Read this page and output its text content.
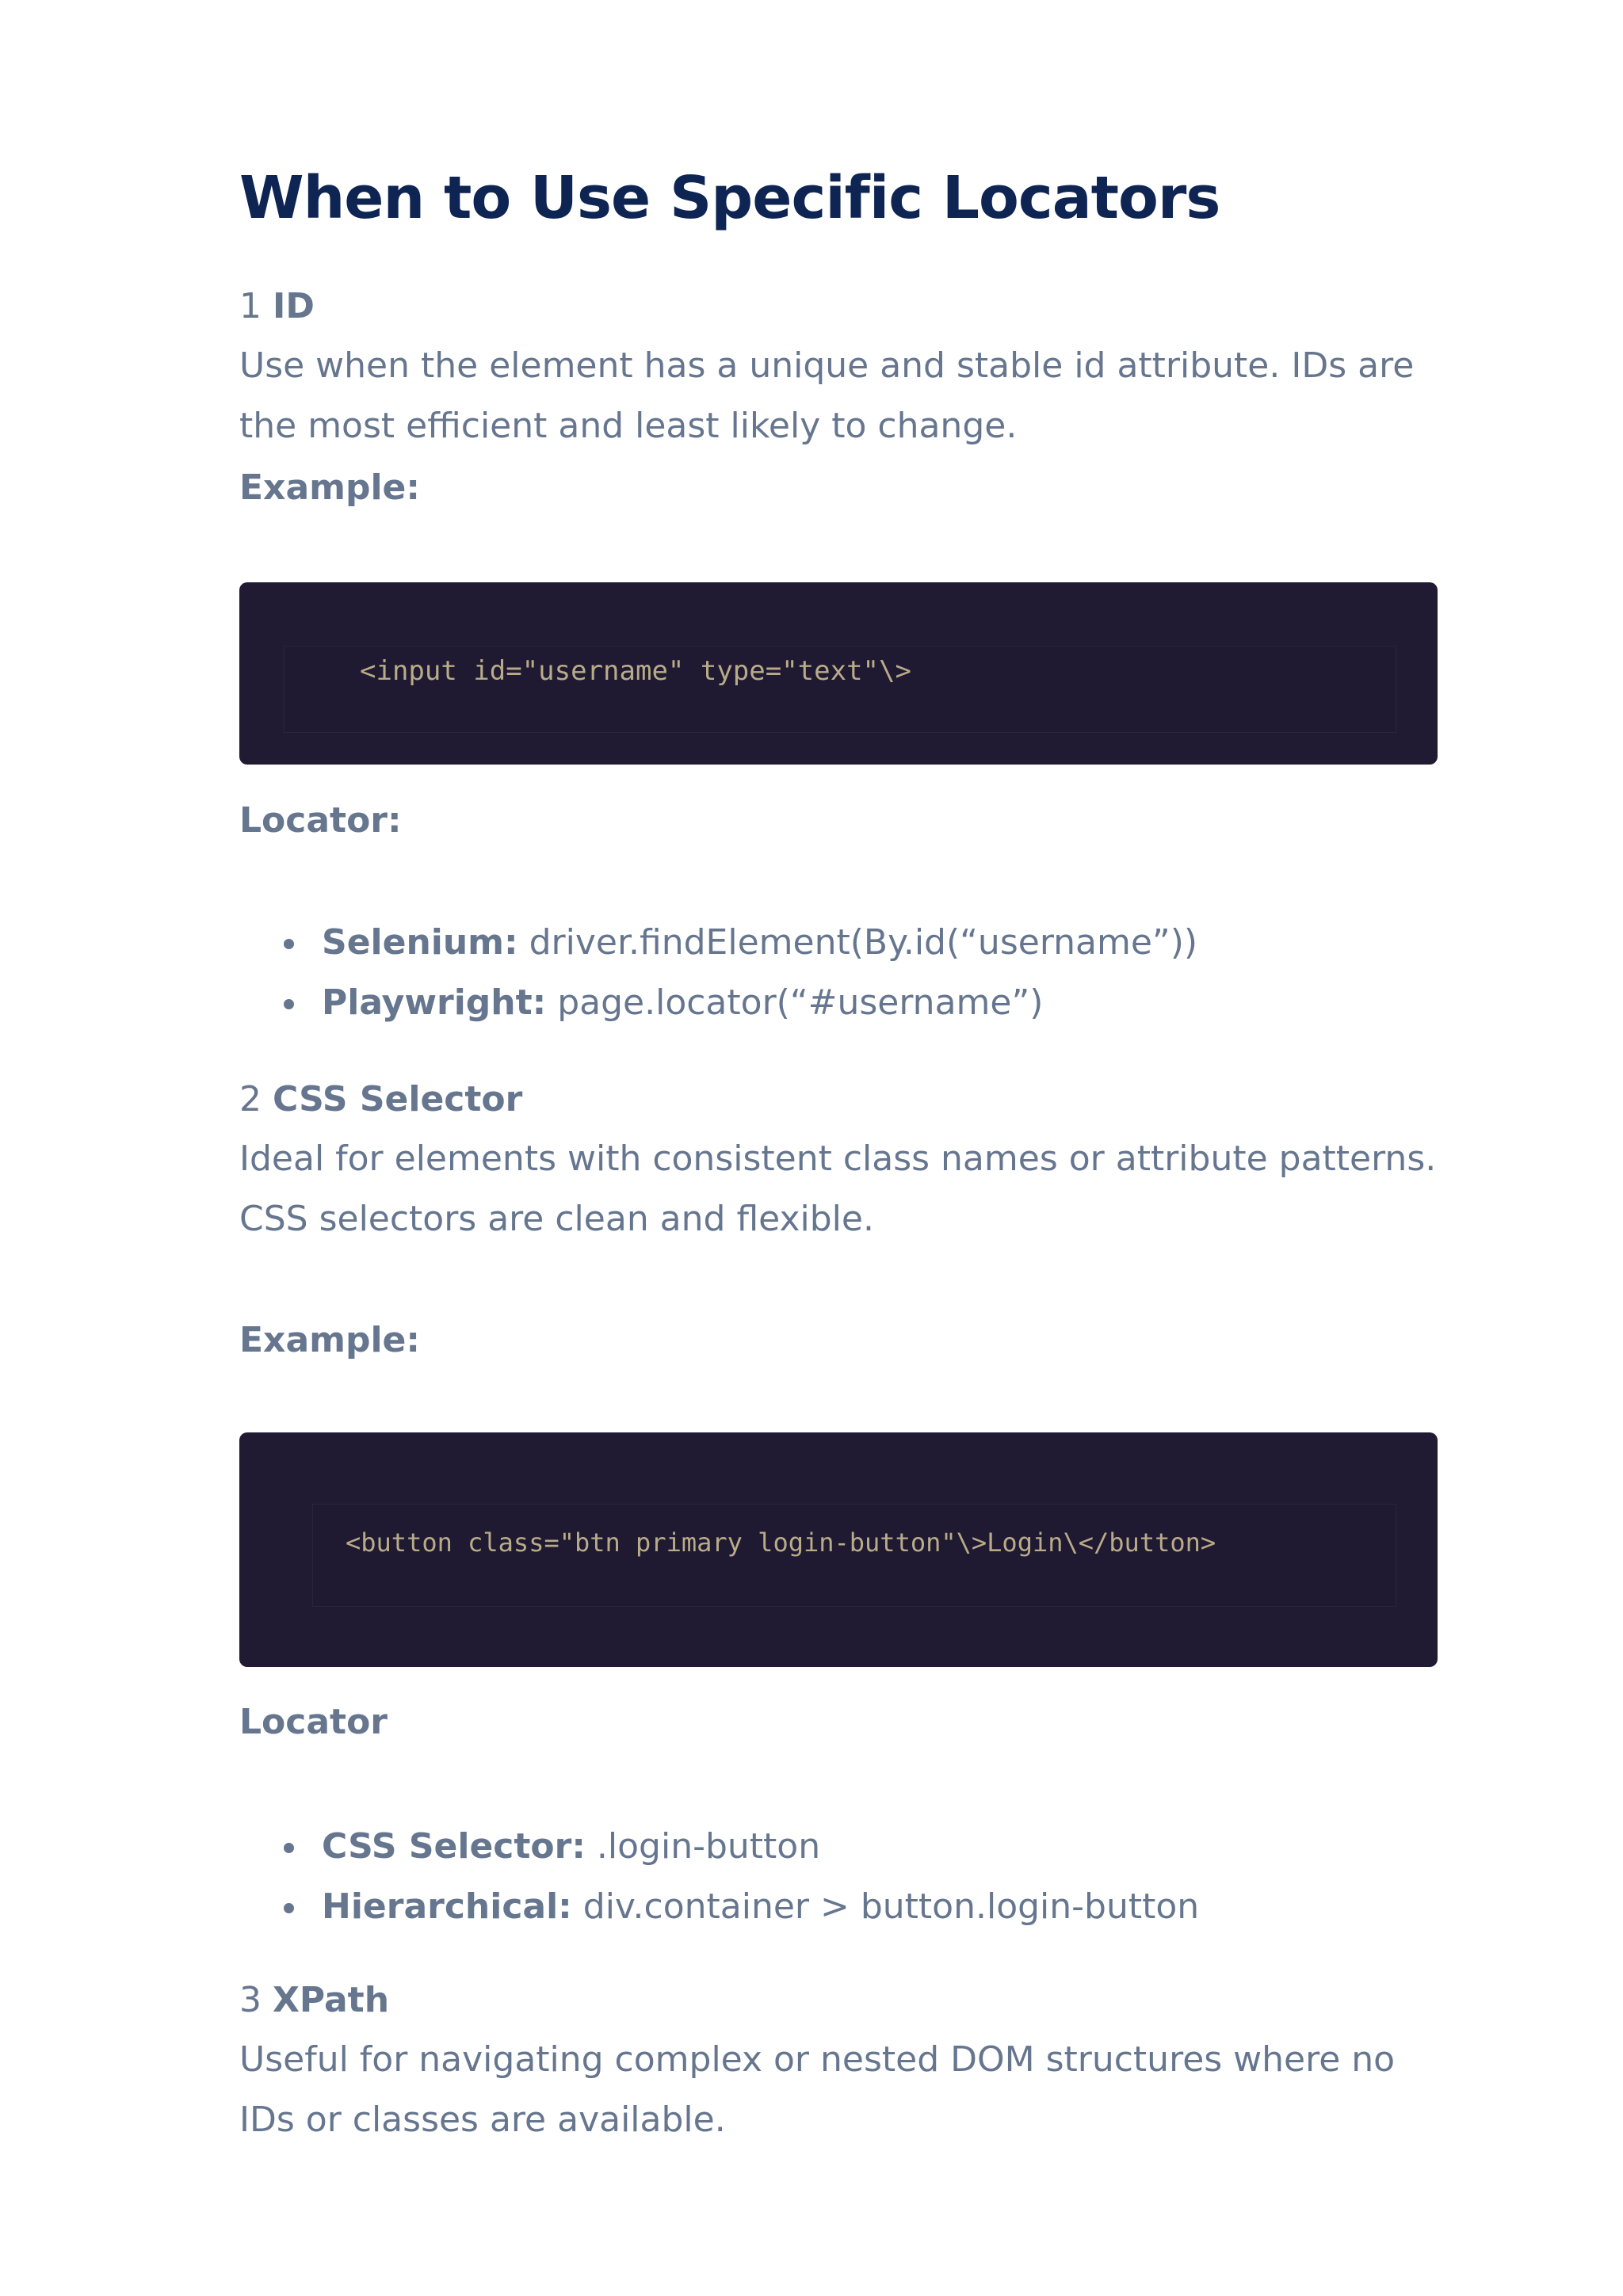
When to Use Specific Locators
1 ID

Use when the element has a unique and stable id attribute. IDs are the most efficient and least likely to change.

Example:
<input id="username" type="text"\>
Locator:
Selenium: driver.findElement(By.id(“username”))
Playwright: page.locator(“#username”)
2 CSS Selector

Ideal for elements with consistent class names or attribute patterns. CSS selectors are clean and flexible.

Example:
<button class="btn primary login-button"\>Login\</button>
Locator
CSS Selector: .login-button
Hierarchical: div.container > button.login-button
3 XPath

Useful for navigating complex or nested DOM structures where no IDs or classes are available.
